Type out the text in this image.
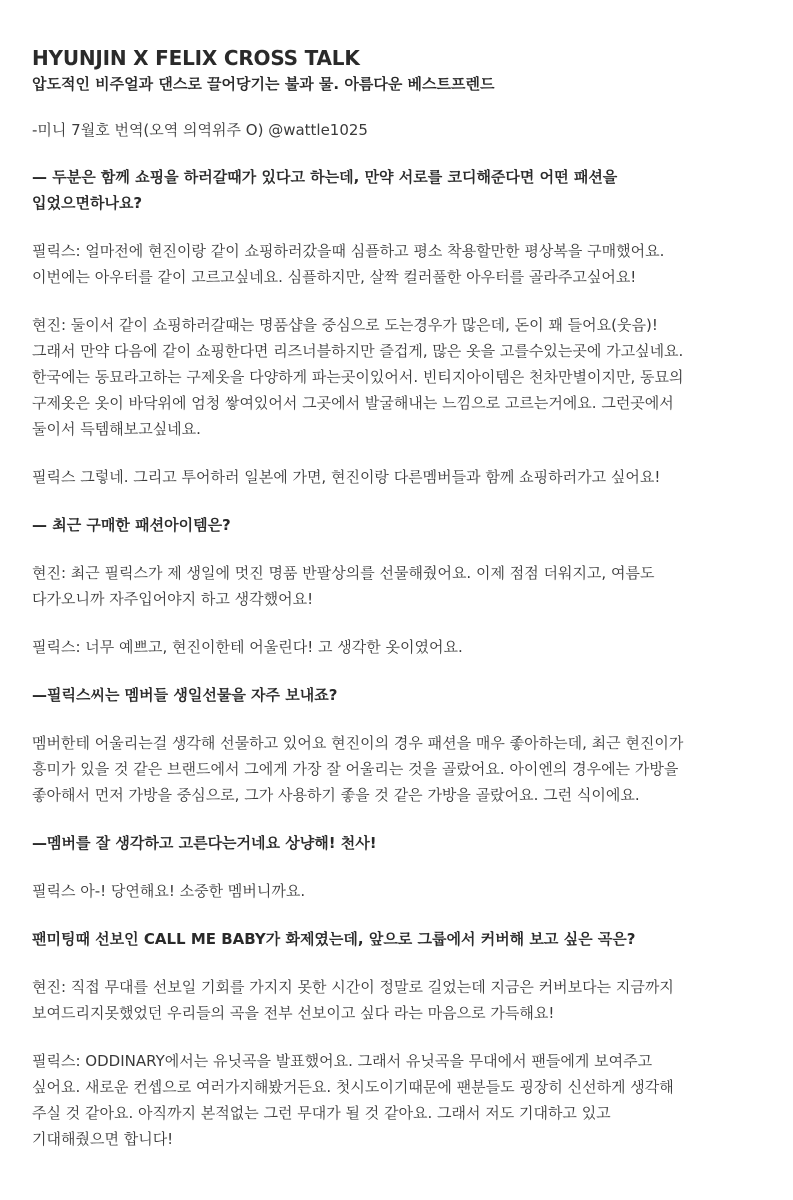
HYUNJIN X FELIX CROSS TALK

압도적인 비주얼과 댄스로 끌어당기는 불과 물. 아름다운 베스트프렌드

-미니 7월호 번역(오역 의역위주 O) @wattle1025

— 두분은 함께 쇼핑을 하러갈때가 있다고 하는데, 만약 서로를 코디해준다면 어떤 패션을
입었으면하나요?

필릭스: 얼마전에 현진이랑 같이 쇼핑하러갔을때 심플하고 평소 착용할만한 평상복을 구매했어요.
이번에는 아우터를 같이 고르고싶네요. 심플하지만, 살짝 컬러풀한 아우터를 골라주고싶어요!

현진: 둘이서 같이 쇼핑하러갈때는 명품샵을 중심으로 도는경우가 많은데, 돈이 꽤 들어요(웃음)!
그래서 만약 다음에 같이 쇼핑한다면 리즈너블하지만 즐겁게, 많은 옷을 고를수있는곳에 가고싶네요.
한국에는 동묘라고하는 구제옷을 다양하게 파는곳이있어서. 빈티지아이템은 천차만별이지만, 동묘의
구제옷은 옷이 바닥위에 엄청 쌓여있어서 그곳에서 발굴해내는 느낌으로 고르는거에요. 그런곳에서
둘이서 득템해보고싶네요.

필릭스 그렇네. 그리고 투어하러 일본에 가면, 현진이랑 다른멤버들과 함께 쇼핑하러가고 싶어요!

— 최근 구매한 패션아이템은?

현진: 최근 필릭스가 제 생일에 멋진 명품 반팔상의를 선물해줬어요. 이제 점점 더워지고, 여름도
다가오니까 자주입어야지 하고 생각했어요!

필릭스: 너무 예쁘고, 현진이한테 어울린다! 고 생각한 옷이였어요.

—필릭스씨는 멤버들 생일선물을 자주 보내죠?

멤버한테 어울리는걸 생각해 선물하고 있어요 현진이의 경우 패션을 매우 좋아하는데, 최근 현진이가
흥미가 있을 것 같은 브랜드에서 그에게 가장 잘 어울리는 것을 골랐어요. 아이엔의 경우에는 가방을
좋아해서 먼저 가방을 중심으로, 그가 사용하기 좋을 것 같은 가방을 골랐어요. 그런 식이에요.

—멤버를 잘 생각하고 고른다는거네요 상냥해! 천사!

필릭스 아-! 당연해요! 소중한 멤버니까요.

팬미팅때 선보인 CALL ME BABY가 화제였는데, 앞으로 그룹에서 커버해 보고 싶은 곡은?

현진: 직접 무대를 선보일 기회를 가지지 못한 시간이 정말로 길었는데 지금은 커버보다는 지금까지
보여드리지못했었던 우리들의 곡을 전부 선보이고 싶다 라는 마음으로 가득해요!

필릭스: ODDINARY에서는 유닛곡을 발표했어요. 그래서 유닛곡을 무대에서 팬들에게 보여주고
싶어요. 새로운 컨셉으로 여러가지해봤거든요. 첫시도이기때문에 팬분들도 굉장히 신선하게 생각해
주실 것 같아요. 아직까지 본적없는 그런 무대가 될 것 같아요. 그래서 저도 기대하고 있고
기대해줬으면 합니다!
